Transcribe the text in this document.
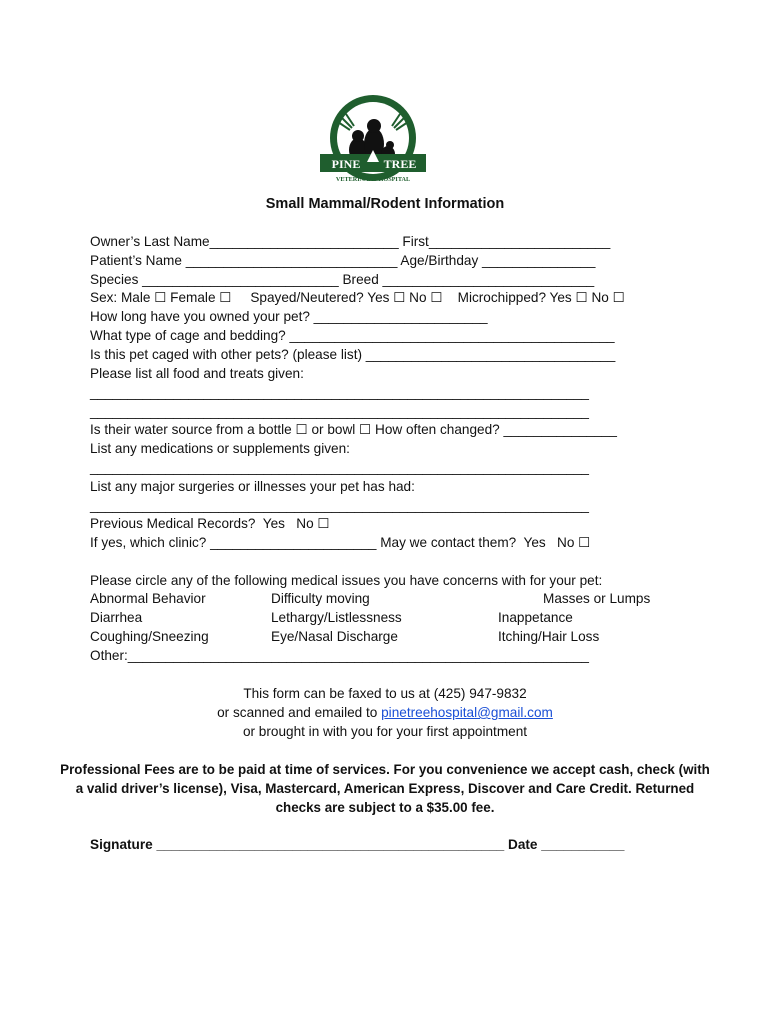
PINE TREE
VETERINARY HOSPITAL
Small Mammal/Rodent Information
Owner’s Last Name_________________________ First________________________
Patient’s Name ____________________________ Age/Birthday _______________
Species __________________________ Breed ____________________________
Sex: Male ☐ Female ☐     Spayed/Neutered? Yes ☐ No ☐    Microchipped? Yes ☐ No ☐
How long have you owned your pet? _______________________
What type of cage and bedding? ___________________________________________
Is this pet caged with other pets? (please list) _________________________________
Please list all food and treats given:
__________________________________________________________________
__________________________________________________________________
Is their water source from a bottle ☐ or bowl ☐ How often changed? _______________
List any medications or supplements given:
__________________________________________________________________
List any major surgeries or illnesses your pet has had:
__________________________________________________________________
Previous Medical Records?  Yes   No ☐
If yes, which clinic? ______________________ May we contact them?  Yes   No ☐
Please circle any of the following medical issues you have concerns with for your pet:
Abnormal Behavior
Diarrhea
Coughing/Sneezing
Difficulty moving
Lethargy/Listlessness
Eye/Nasal Discharge
Masses or Lumps
Inappetance
Itching/Hair Loss
Other:_____________________________________________________________
This form can be faxed to us at (425) 947-9832
or scanned and emailed to pinetreehospital@gmail.com
or brought in with you for your first appointment
Professional Fees are to be paid at time of services. For you convenience we accept cash, check (with a valid driver’s license), Visa, Mastercard, American Express, Discover and Care Credit. Returned checks are subject to a $35.00 fee.
Signature ______________________________________________ Date ___________
